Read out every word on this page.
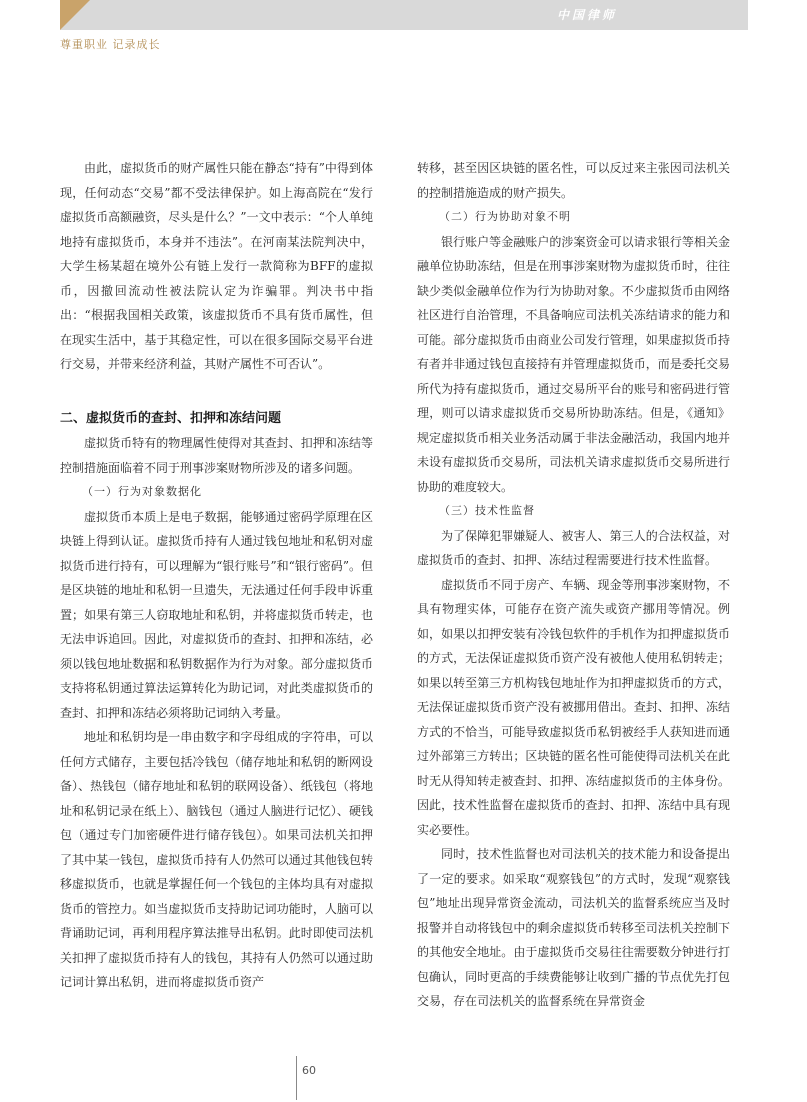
中国律师
尊重职业 记录成长

由此，虚拟货币的财产属性只能在静态“持有”中得到体现，任何动态“交易”都不受法律保护。如上海高院在“发行虚拟货币高额融资，尽头是什么？”一文中表示：“个人单纯地持有虚拟货币，本身并不违法”。在河南某法院判决中，大学生杨某超在境外公有链上发行一款简称为BFF的虚拟币，因撤回流动性被法院认定为诈骗罪。判决书中指出：“根据我国相关政策，该虚拟货币不具有货币属性，但在现实生活中，基于其稳定性，可以在很多国际交易平台进行交易，并带来经济利益，其财产属性不可否认”。

二、虚拟货币的查封、扣押和冻结问题

虚拟货币特有的物理属性使得对其查封、扣押和冻结等控制措施面临着不同于刑事涉案财物所涉及的诸多问题。

（一）行为对象数据化

虚拟货币本质上是电子数据，能够通过密码学原理在区块链上得到认证。虚拟货币持有人通过钱包地址和私钥对虚拟货币进行持有，可以理解为“银行账号”和“银行密码”。但是区块链的地址和私钥一旦遗失，无法通过任何手段申诉重置；如果有第三人窃取地址和私钥，并将虚拟货币转走，也无法申诉追回。因此，对虚拟货币的查封、扣押和冻结，必须以钱包地址数据和私钥数据作为行为对象。部分虚拟货币支持将私钥通过算法运算转化为助记词，对此类虚拟货币的查封、扣押和冻结必须将助记词纳入考量。

地址和私钥均是一串由数字和字母组成的字符串，可以任何方式储存，主要包括冷钱包（储存地址和私钥的断网设备）、热钱包（储存地址和私钥的联网设备）、纸钱包（将地址和私钥记录在纸上）、脑钱包（通过人脑进行记忆）、硬钱包（通过专门加密硬件进行储存钱包）。如果司法机关扣押了其中某一钱包，虚拟货币持有人仍然可以通过其他钱包转移虚拟货币，也就是掌握任何一个钱包的主体均具有对虚拟货币的管控力。如当虚拟货币支持助记词功能时，人脑可以背诵助记词，再利用程序算法推导出私钥。此时即使司法机关扣押了虚拟货币持有人的钱包，其持有人仍然可以通过助记词计算出私钥，进而将虚拟货币资产

转移，甚至因区块链的匿名性，可以反过来主张因司法机关的控制措施造成的财产损失。

（二）行为协助对象不明

银行账户等金融账户的涉案资金可以请求银行等相关金融单位协助冻结，但是在刑事涉案财物为虚拟货币时，往往缺少类似金融单位作为行为协助对象。不少虚拟货币由网络社区进行自治管理，不具备响应司法机关冻结请求的能力和可能。部分虚拟货币由商业公司发行管理，如果虚拟货币持有者并非通过钱包直接持有并管理虚拟货币，而是委托交易所代为持有虚拟货币，通过交易所平台的账号和密码进行管理，则可以请求虚拟货币交易所协助冻结。但是，《通知》规定虚拟货币相关业务活动属于非法金融活动，我国内地并未设有虚拟货币交易所，司法机关请求虚拟货币交易所进行协助的难度较大。

（三）技术性监督

为了保障犯罪嫌疑人、被害人、第三人的合法权益，对虚拟货币的查封、扣押、冻结过程需要进行技术性监督。

虚拟货币不同于房产、车辆、现金等刑事涉案财物，不具有物理实体，可能存在资产流失或资产挪用等情况。例如，如果以扣押安装有冷钱包软件的手机作为扣押虚拟货币的方式，无法保证虚拟货币资产没有被他人使用私钥转走；如果以转至第三方机构钱包地址作为扣押虚拟货币的方式，无法保证虚拟货币资产没有被挪用借出。查封、扣押、冻结方式的不恰当，可能导致虚拟货币私钥被经手人获知进而通过外部第三方转出；区块链的匿名性可能使得司法机关在此时无从得知转走被查封、扣押、冻结虚拟货币的主体身份。因此，技术性监督在虚拟货币的查封、扣押、冻结中具有现实必要性。

同时，技术性监督也对司法机关的技术能力和设备提出了一定的要求。如采取“观察钱包”的方式时，发现“观察钱包”地址出现异常资金流动，司法机关的监督系统应当及时报警并自动将钱包中的剩余虚拟货币转移至司法机关控制下的其他安全地址。由于虚拟货币交易往往需要数分钟进行打包确认，同时更高的手续费能够让收到广播的节点优先打包交易，存在司法机关的监督系统在异常资金

60
